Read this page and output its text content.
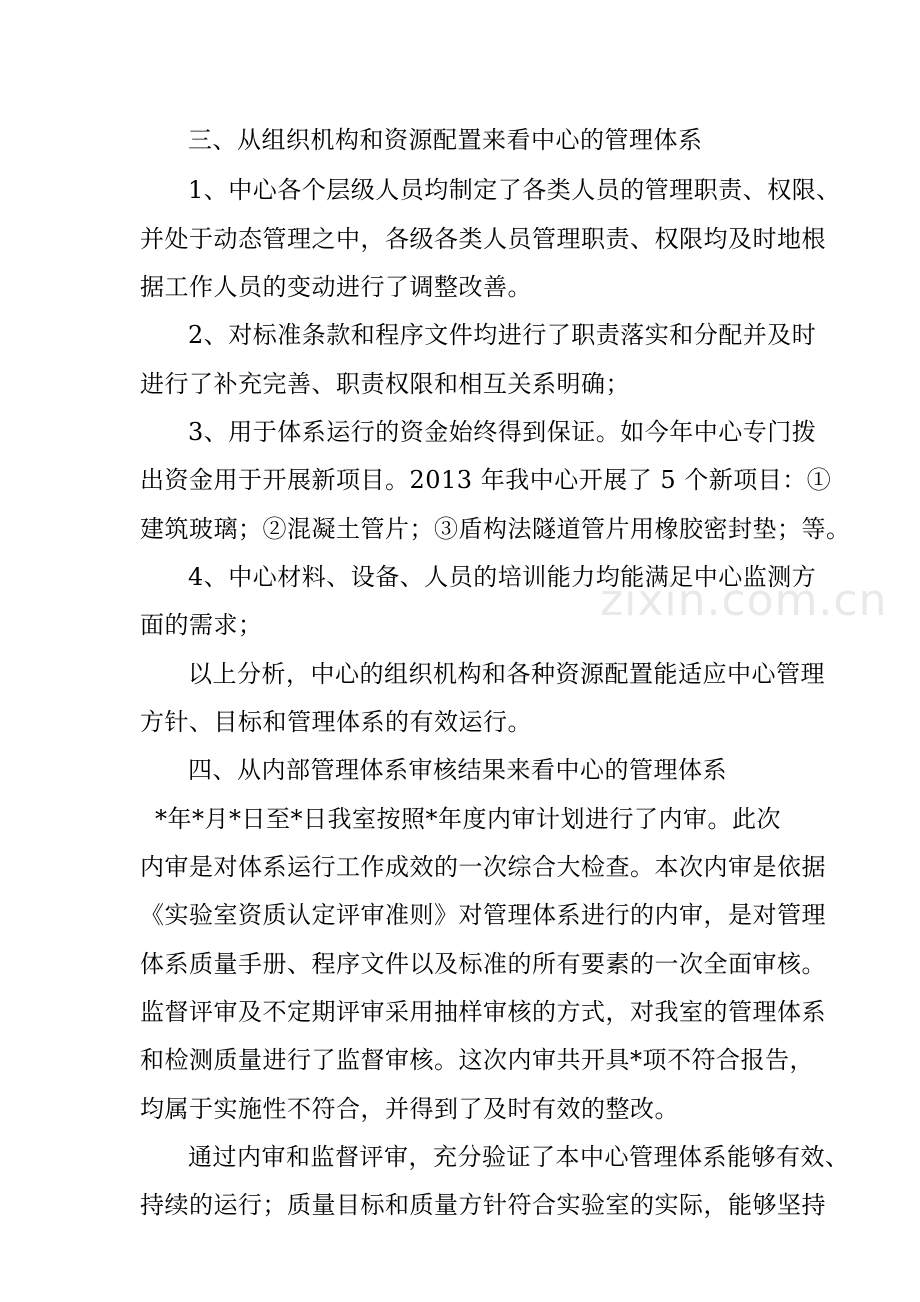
zixin.com.cn
三、从组织机构和资源配置来看中心的管理体系
1、中心各个层级人员均制定了各类人员的管理职责、权限、
并处于动态管理之中，各级各类人员管理职责、权限均及时地根
据工作人员的变动进行了调整改善。
2、对标准条款和程序文件均进行了职责落实和分配并及时
进行了补充完善、职责权限和相互关系明确；
3、用于体系运行的资金始终得到保证。如今年中心专门拨
出资金用于开展新项目。2013 年我中心开展了 5 个新项目：①
建筑玻璃；②混凝土管片；③盾构法隧道管片用橡胶密封垫；等。
4、中心材料、设备、人员的培训能力均能满足中心监测方
面的需求；
以上分析，中心的组织机构和各种资源配置能适应中心管理
方针、目标和管理体系的有效运行。
四、从内部管理体系审核结果来看中心的管理体系
*年*月*日至*日我室按照*年度内审计划进行了内审。此次
内审是对体系运行工作成效的一次综合大检查。本次内审是依据
《实验室资质认定评审准则》对管理体系进行的内审，是对管理
体系质量手册、程序文件以及标准的所有要素的一次全面审核。
监督评审及不定期评审采用抽样审核的方式，对我室的管理体系
和检测质量进行了监督审核。这次内审共开具*项不符合报告，
均属于实施性不符合，并得到了及时有效的整改。
通过内审和监督评审，充分验证了本中心管理体系能够有效、
持续的运行；质量目标和质量方针符合实验室的实际，能够坚持
